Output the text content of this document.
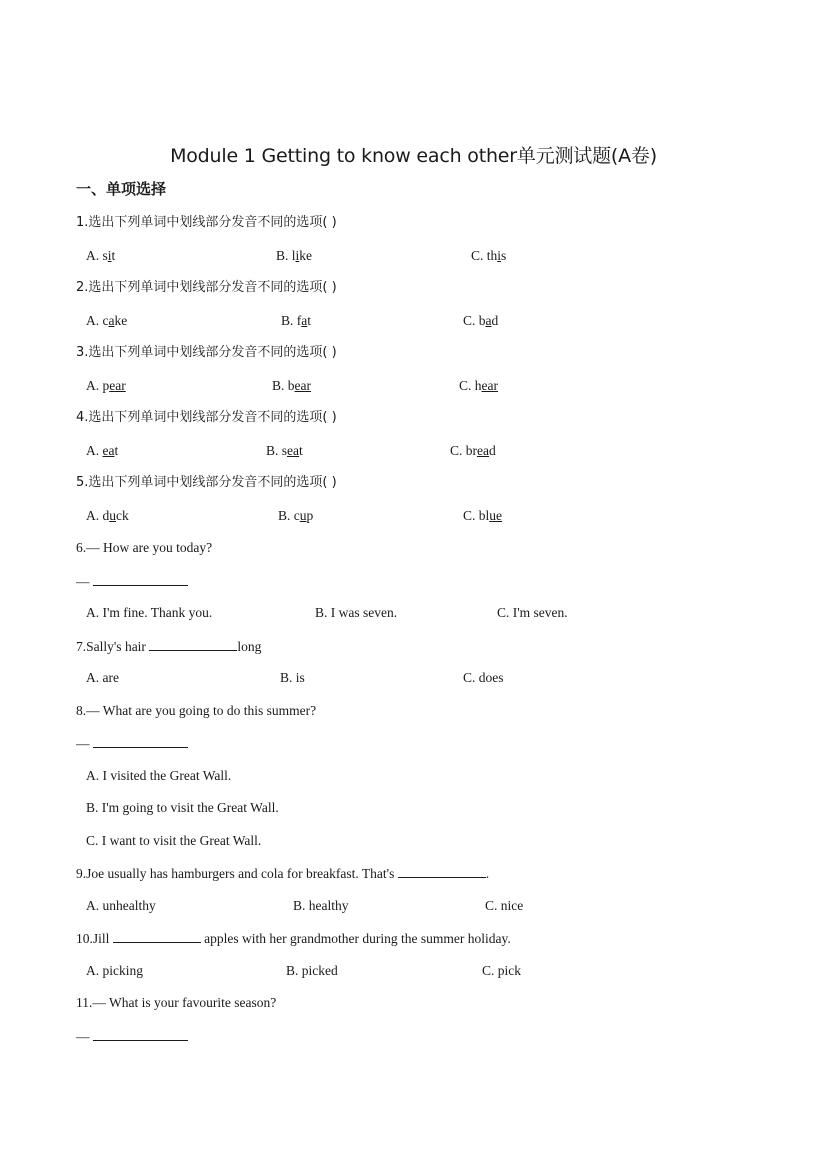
Module 1 Getting to know each other单元测试题(A卷)
一、单项选择
1.选出下列单词中划线部分发音不同的选项( )
A. sit	B. like	C. this
2.选出下列单词中划线部分发音不同的选项( )
A. cake	B. fat	C. bad
3.选出下列单词中划线部分发音不同的选项( )
A. pear	B. bear	C. hear
4.选出下列单词中划线部分发音不同的选项( )
A. eat	B. seat	C. bread
5.选出下列单词中划线部分发音不同的选项( )
A. duck	B. cup	C. blue
6.— How are you today?
—
A. I'm fine. Thank you.	B. I was seven.	C. I'm seven.
7.Sally's hair	long
A. are	B. is	C. does
8.— What are you going to do this summer?
—
A. I visited the Great Wall.
B. I'm going to visit the Great Wall.
C. I want to visit the Great Wall.
9.Joe usually has hamburgers and cola for breakfast. That's	.
A. unhealthy	B. healthy	C. nice
10.Jill	apples with her grandmother during the summer holiday.
A. picking	B. picked	C. pick
11.— What is your favourite season?
—
